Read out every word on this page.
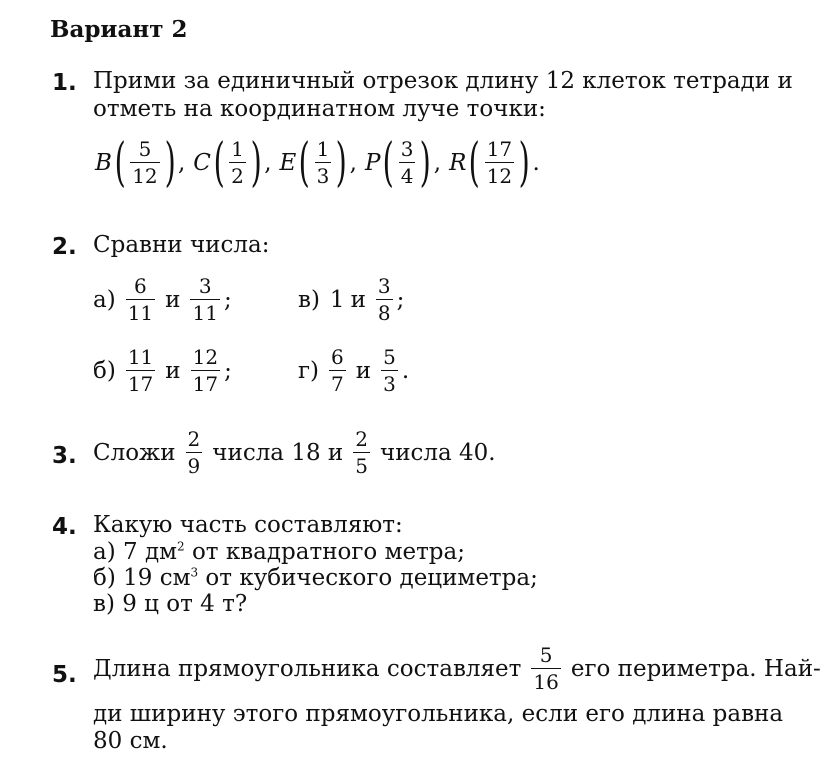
Вариант 2
1. Прими за единичный отрезок длину 12 клеток тетради и
отметь на координатном луче точки:
B ( $\frac{5}{12}$ ) , C ( $\frac{1}{2}$ ) , E ( $\frac{1}{3}$ ) , P ( $\frac{3}{4}$ ) , R ( $\frac{17}{12}$ ) .
2. Сравни числа:
$а) \frac{6}{11}$ и $\frac{3}{11}$ ;	в) 1 и $\frac{3}{8}$ ;
$б) \frac{11}{17}$ и $\frac{12}{17}$ ;	$г) \frac{6}{7}$ и $\frac{5}{3}$ .
3. Сложи $\frac{2}{9}$ числа 18 и $\frac{2}{5}$ числа 40.
4. Какую часть составляют:
а) 7 $дм^2$ от квадратного метра;
б) 19 $см^3$ от кубического дециметра;
в) 9 ц от 4 т?
5. Длина прямоугольника составляет $\frac{5}{16}$ его периметра. Най-
ди ширину этого прямоугольника, если его длина равна
80 см.
